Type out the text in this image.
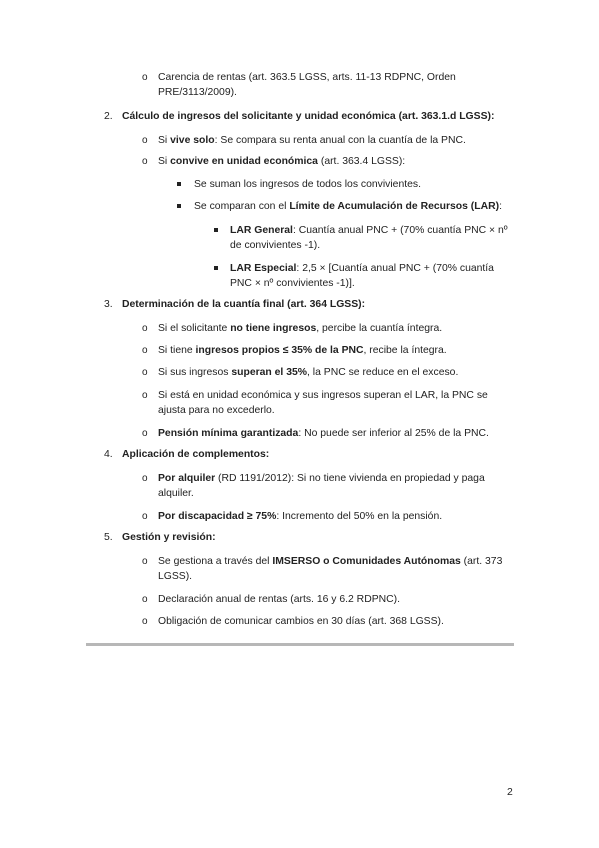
o Carencia de rentas (art. 363.5 LGSS, arts. 11-13 RDPNC, Orden
PRE/3113/2009).
2. Cálculo de ingresos del solicitante y unidad económica (art. 363.1.d LGSS):
o Si vive solo: Se compara su renta anual con la cuantía de la PNC.
o Si convive en unidad económica (art. 363.4 LGSS):
Se suman los ingresos de todos los convivientes.
Se comparan con el Límite de Acumulación de Recursos (LAR):
LAR General: Cuantía anual PNC + (70% cuantía PNC × nº
de convivientes -1).
LAR Especial: 2,5 × [Cuantía anual PNC + (70% cuantía
PNC × nº convivientes -1)].
3. Determinación de la cuantía final (art. 364 LGSS):
o Si el solicitante no tiene ingresos, percibe la cuantía íntegra.
o Si tiene ingresos propios ≤ 35% de la PNC, recibe la íntegra.
o Si sus ingresos superan el 35%, la PNC se reduce en el exceso.
o Si está en unidad económica y sus ingresos superan el LAR, la PNC se
ajusta para no excederlo.
o Pensión mínima garantizada: No puede ser inferior al 25% de la PNC.
4. Aplicación de complementos:
o Por alquiler (RD 1191/2012): Si no tiene vivienda en propiedad y paga
alquiler.
o Por discapacidad ≥ 75%: Incremento del 50% en la pensión.
5. Gestión y revisión:
o Se gestiona a través del IMSERSO o Comunidades Autónomas (art. 373
LGSS).
o Declaración anual de rentas (arts. 16 y 6.2 RDPNC).
o Obligación de comunicar cambios en 30 días (art. 368 LGSS).
2
